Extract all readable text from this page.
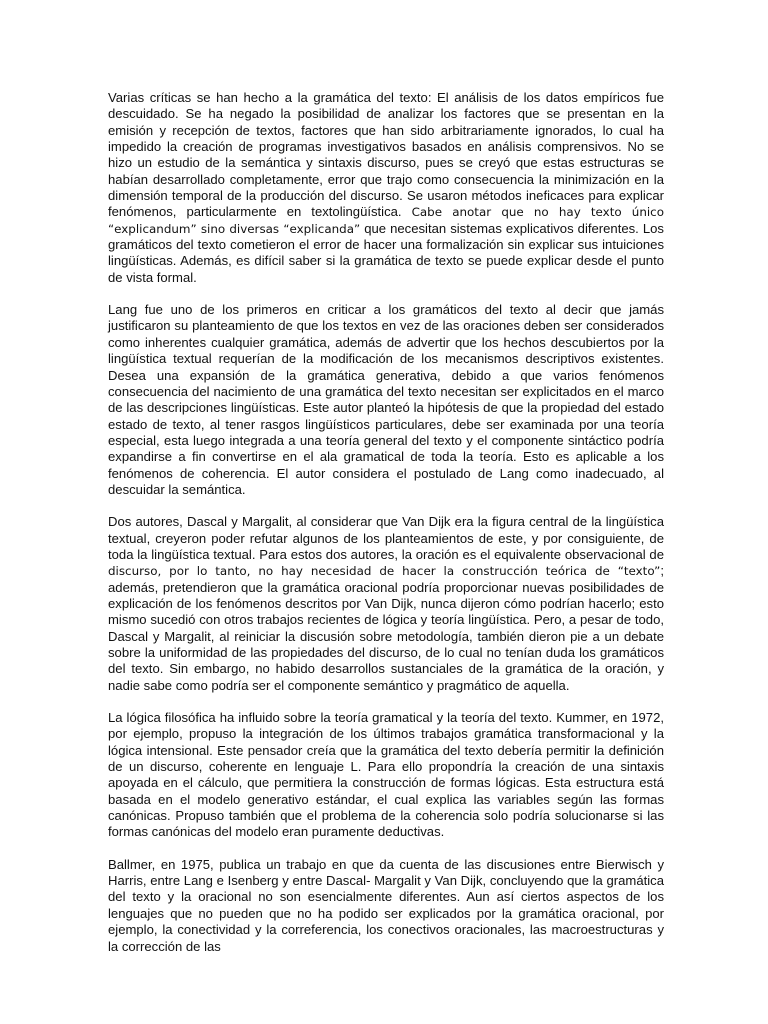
Varias críticas se han hecho a la gramática del texto: El análisis de los datos empíricos fue descuidado. Se ha negado la posibilidad de analizar los factores que se presentan en la emisión y recepción de textos, factores que han sido arbitrariamente ignorados, lo cual ha impedido la creación de programas investigativos basados en análisis comprensivos. No se hizo un estudio de la semántica y sintaxis discurso, pues se creyó que estas estructuras se habían desarrollado completamente, error que trajo como consecuencia la minimización en la dimensión temporal de la producción del discurso. Se usaron métodos ineficaces para explicar fenómenos, particularmente en textolingüística. Cabe anotar que no hay texto único “explicandum” sino diversas “explicanda” que necesitan sistemas explicativos diferentes. Los gramáticos del texto cometieron el error de hacer una formalización sin explicar sus intuiciones lingüísticas. Además, es difícil saber si la gramática de texto se puede explicar desde el punto de vista formal.

Lang fue uno de los primeros en criticar a los gramáticos del texto al decir que jamás justificaron su planteamiento de que los textos en vez de las oraciones deben ser considerados como inherentes cualquier gramática, además de advertir que los hechos descubiertos por la lingüística textual requerían de la modificación de los mecanismos descriptivos existentes. Desea una expansión de la gramática generativa, debido a que varios fenómenos consecuencia del nacimiento de una gramática del texto necesitan ser explicitados en el marco de las descripciones lingüísticas. Este autor planteó la hipótesis de que la propiedad del estado estado de texto, al tener rasgos lingüísticos particulares, debe ser examinada por una teoría especial, esta luego integrada a una teoría general del texto y el componente sintáctico podría expandirse a fin convertirse en el ala gramatical de toda la teoría. Esto es aplicable a los fenómenos de coherencia. El autor considera el postulado de Lang como inadecuado, al descuidar la semántica.

Dos autores, Dascal y Margalit, al considerar que Van Dijk era la figura central de la lingüística textual, creyeron poder refutar algunos de los planteamientos de este, y por consiguiente, de toda la lingüística textual. Para estos dos autores, la oración es el equivalente observacional de discurso, por lo tanto, no hay necesidad de hacer la construcción teórica de “texto”; además, pretendieron que la gramática oracional podría proporcionar nuevas posibilidades de explicación de los fenómenos descritos por Van Dijk, nunca dijeron cómo podrían hacerlo; esto mismo sucedió con otros trabajos recientes de lógica y teoría lingüística. Pero, a pesar de todo, Dascal y Margalit, al reiniciar la discusión sobre metodología, también dieron pie a un debate sobre la uniformidad de las propiedades del discurso, de lo cual no tenían duda los gramáticos del texto. Sin embargo, no habido desarrollos sustanciales de la gramática de la oración, y nadie sabe como podría ser el componente semántico y pragmático de aquella.

La lógica filosófica ha influido sobre la teoría gramatical y la teoría del texto. Kummer, en 1972, por ejemplo, propuso la integración de los últimos trabajos gramática transformacional y la lógica intensional. Este pensador creía que la gramática del texto debería permitir la definición de un discurso, coherente en lenguaje L. Para ello propondría la creación de una sintaxis apoyada en el cálculo, que permitiera la construcción de formas lógicas. Esta estructura está basada en el modelo generativo estándar, el cual explica las variables según las formas canónicas. Propuso también que el problema de la coherencia solo podría solucionarse si las formas canónicas del modelo eran puramente deductivas.

Ballmer, en 1975, publica un trabajo en que da cuenta de las discusiones entre Bierwisch y Harris, entre Lang e Isenberg y entre Dascal- Margalit y Van Dijk, concluyendo que la gramática del texto y la oracional no son esencialmente diferentes. Aun así ciertos aspectos de los lenguajes que no pueden que no ha podido ser explicados por la gramática oracional, por ejemplo, la conectividad y la correferencia, los conectivos oracionales, las macroestructuras y la corrección de las
